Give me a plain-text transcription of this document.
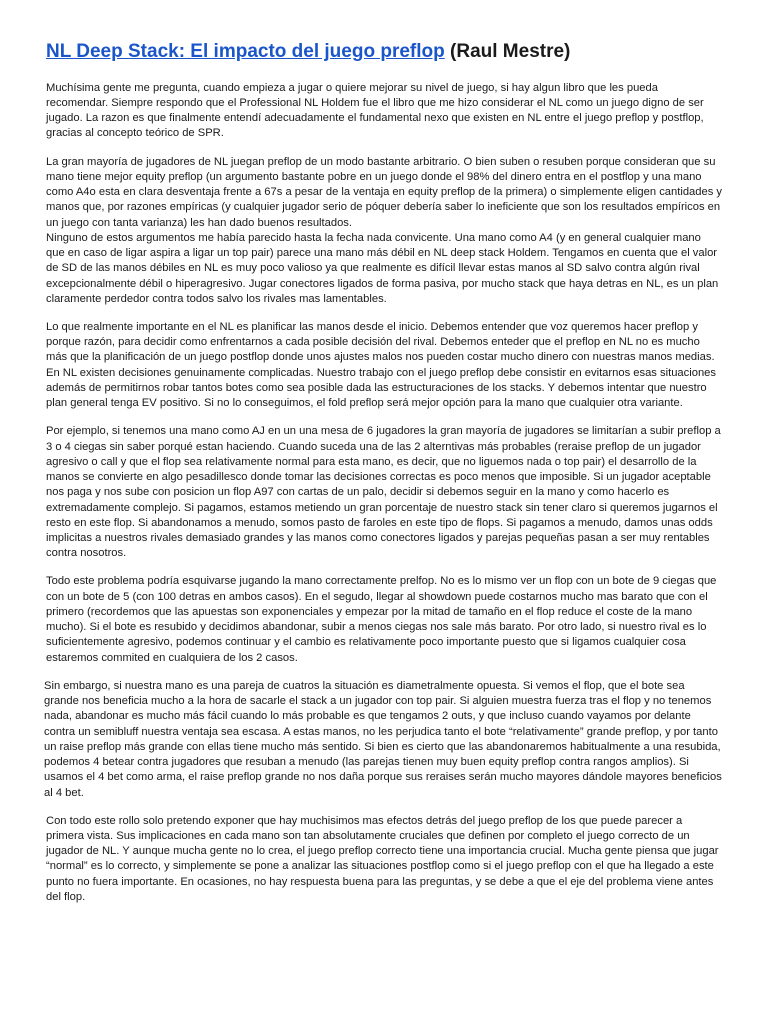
NL Deep Stack: El impacto del juego preflop (Raul Mestre)

Muchísima gente me pregunta, cuando empieza a jugar o quiere mejorar su nivel de juego, si hay algun libro que les pueda recomendar. Siempre respondo que el Professional NL Holdem fue el libro que me hizo considerar el NL como un juego digno de ser jugado. La razon es que finalmente entendí adecuadamente el fundamental nexo que existen en NL entre el juego preflop y postflop, gracias al concepto teórico de SPR.

La gran mayoría de jugadores de NL juegan preflop de un modo bastante arbitrario. O bien suben o resuben porque consideran que su mano tiene mejor equity preflop (un argumento bastante pobre en un juego donde el 98% del dinero entra en el postflop y una mano como A4o esta en clara desventaja frente a 67s a pesar de la ventaja en equity preflop de la primera) o simplemente eligen cantidades y manos que, por razones empíricas (y cualquier jugador serio de póquer debería saber lo ineficiente que son los resultados empíricos en un juego con tanta varianza) les han dado buenos resultados.
Ninguno de estos argumentos me había parecido hasta la fecha nada convicente. Una mano como A4 (y en general cualquier mano que en caso de ligar aspira a ligar un top pair) parece una mano más débil en NL deep stack Holdem. Tengamos en cuenta que el valor de SD de las manos débiles en NL es muy poco valioso ya que realmente es difícil llevar estas manos al SD salvo contra algún rival excepcionalmente débil o hiperagresivo. Jugar conectores ligados de forma pasiva, por mucho stack que haya detras en NL, es un plan claramente perdedor contra todos salvo los rivales mas lamentables.

Lo que realmente importante en el NL es planificar las manos desde el inicio. Debemos entender que voz queremos hacer preflop y porque razón, para decidir como enfrentarnos a cada posible decisión del rival. Debemos enteder que el preflop en NL no es mucho más que la planificación de un juego postflop donde unos ajustes malos nos pueden costar mucho dinero con nuestras manos medias. En NL existen decisiones genuinamente complicadas. Nuestro trabajo con el juego preflop debe consistir en evitarnos esas situaciones además de permitirnos robar tantos botes como sea posible dada las estructuraciones de los stacks. Y debemos intentar que nuestro plan general tenga EV positivo. Si no lo conseguimos, el fold preflop será mejor opción para la mano que cualquier otra variante.

Por ejemplo, si tenemos una mano como AJ en un una mesa de 6 jugadores la gran mayoría de jugadores se limitarían a subir preflop a 3 o 4 ciegas sin saber porqué estan haciendo. Cuando suceda una de las 2 alterntivas más probables (reraise preflop de un jugador agresivo o call y que el flop sea relativamente normal para esta mano, es decir, que no liguemos nada o top pair) el desarrollo de la manos se convierte en algo pesadillesco donde tomar las decisiones correctas es poco menos que imposible. Si un jugador aceptable nos paga y nos sube con posicion un flop A97 con cartas de un palo, decidir si debemos seguir en la mano y como hacerlo es extremadamente complejo. Si pagamos, estamos metiendo un gran porcentaje de nuestro stack sin tener claro si queremos jugarnos el resto en este flop. Si abandonamos a menudo, somos pasto de faroles en este tipo de flops. Si pagamos a menudo, damos unas odds implicitas a nuestros rivales demasiado grandes y las manos como conectores ligados y parejas pequeñas pasan a ser muy rentables contra nosotros.

Todo este problema podría esquivarse jugando la mano correctamente prelfop. No es lo mismo ver un flop con un bote de 9 ciegas que con un bote de 5 (con 100 detras en ambos casos). En el segudo, llegar al showdown puede costarnos mucho mas barato que con el primero (recordemos que las apuestas son exponenciales y empezar por la mitad de tamaño en el flop reduce el coste de la mano mucho). Si el bote es resubido y decidimos abandonar, subir a menos ciegas nos sale más barato. Por otro lado, si nuestro rival es lo suficientemente agresivo, podemos continuar y el cambio es relativamente poco importante puesto que si ligamos cualquier cosa estaremos commited en cualquiera de los 2 casos.

Sin embargo, si nuestra mano es una pareja de cuatros la situación es diametralmente opuesta. Si vemos el flop, que el bote sea grande nos beneficia mucho a la hora de sacarle el stack a un jugador con top pair. Si alguien muestra fuerza tras el flop y no tenemos nada, abandonar es mucho más fácil cuando lo más probable es que tengamos 2 outs, y que incluso cuando vayamos por delante contra un semibluff nuestra ventaja sea escasa. A estas manos, no les perjudica tanto el bote “relativamente” grande preflop, y por tanto un raise preflop más grande con ellas tiene mucho más sentido. Si bien es cierto que las abandonaremos habitualmente a una resubida, podemos 4 betear contra jugadores que resuban a menudo (las parejas tienen muy buen equity preflop contra rangos amplios). Si usamos el 4 bet como arma, el raise preflop grande no nos daña porque sus reraises serán mucho mayores dándole mayores beneficios al 4 bet.

Con todo este rollo solo pretendo exponer que hay muchisimos mas efectos detrás del juego preflop de los que puede parecer a primera vista. Sus implicaciones en cada mano son tan absolutamente cruciales que definen por completo el juego correcto de un jugador de NL. Y aunque mucha gente no lo crea, el juego preflop correcto tiene una importancia crucial. Mucha gente piensa que jugar “normal” es lo correcto, y simplemente se pone a analizar las situaciones postflop como si el juego preflop con el que ha llegado a este punto no fuera importante. En ocasiones, no hay respuesta buena para las preguntas, y se debe a que el eje del problema viene antes del flop.
